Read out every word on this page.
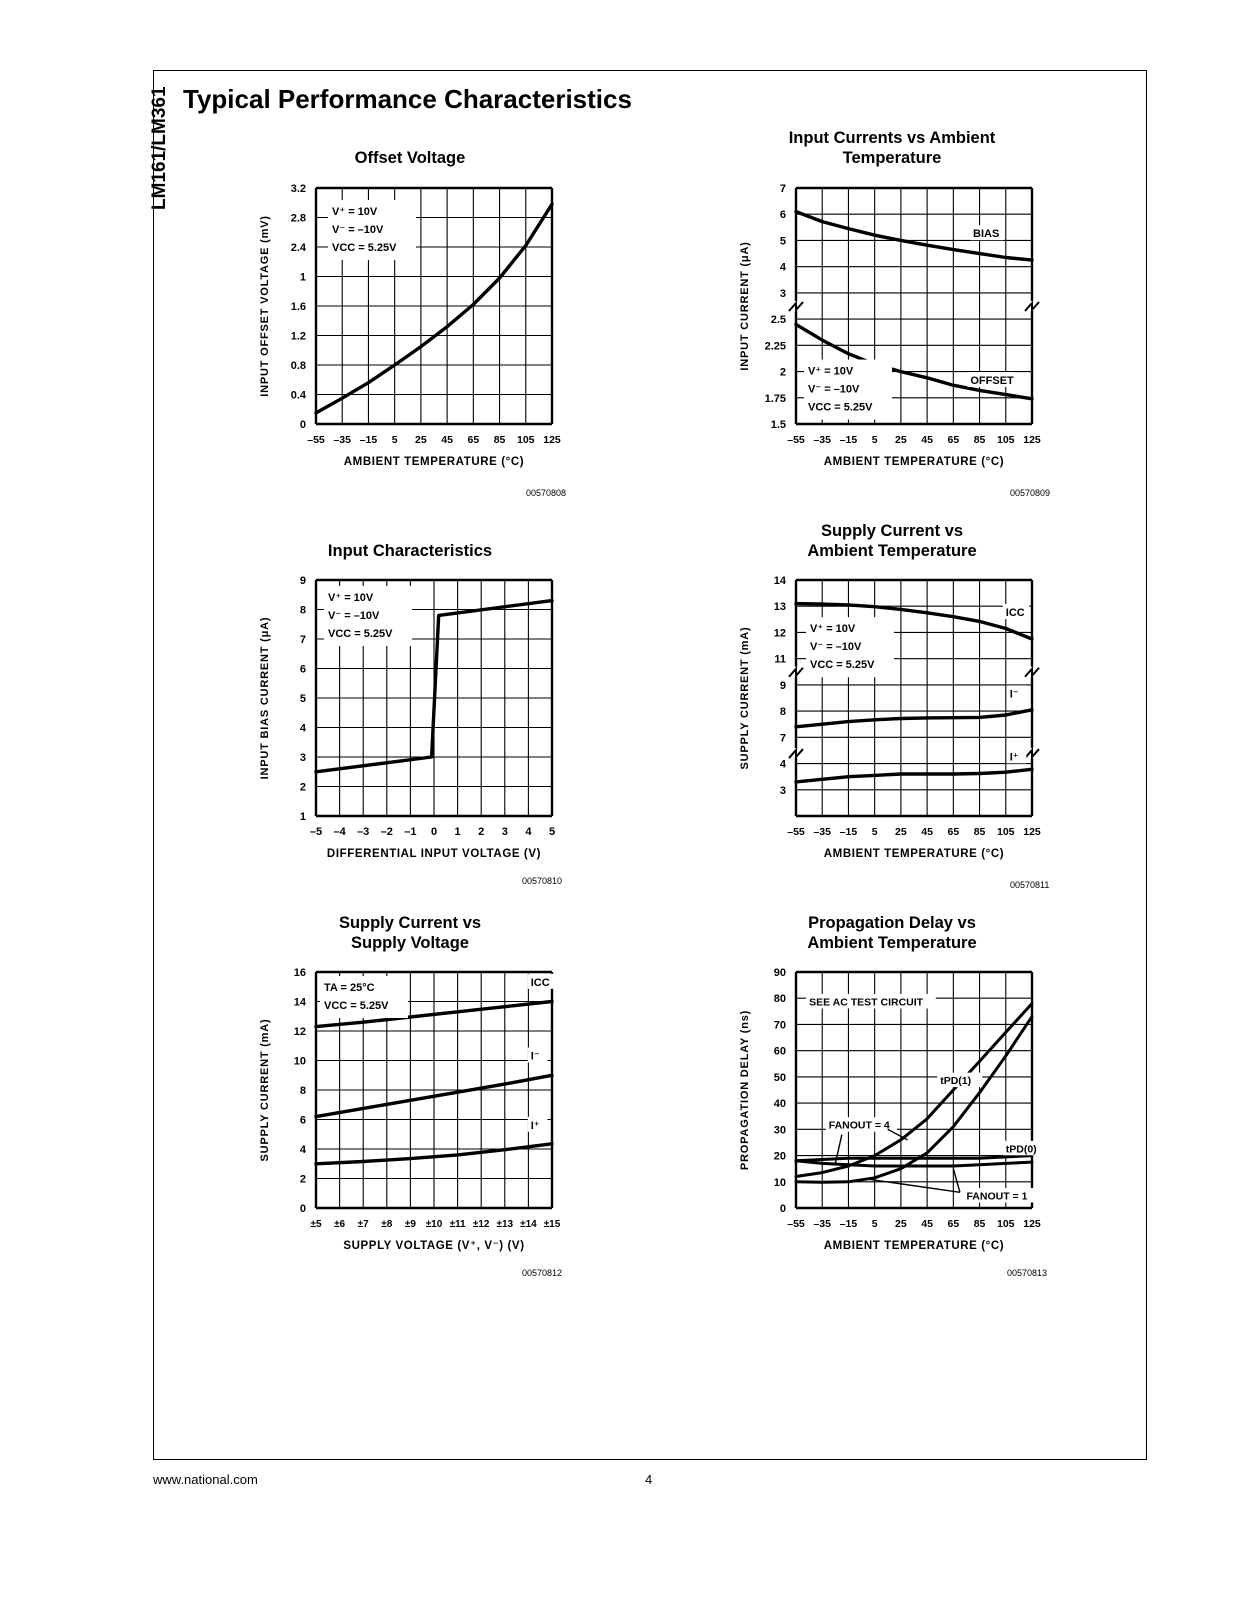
LM161/LM361 Typical Performance Characteristics
Offset Voltage
–55 –35 –15 5 25 45 65 85 105 125
0
0.4
0.8
1.2
1.6
1
2.4
2.8
3.2
AMBIENT TEMPERATURE (°C)
INPUT OFFSET VOLTAGE (mV)
V⁺ = 10V
V⁻ = –10V
VCC = 5.25V
00570808
Input Currents vs Ambient
Temperature
–55 –35 –15 5 25 45 65 85 105 125
AMBIENT TEMPERATURE (°C)
INPUT CURRENT (μA)	3
4
5
6
7
1.5
1.75
2
2.25
2.5
BIAS
OFFSET
V⁺ = 10V
V⁻ = –10V
VCC = 5.25V
00570809
Input Characteristics
–5 –4 –3 –2 –1 0 1 2 3 4 5
1
2
3
4
5
6
7
8
9
DIFFERENTIAL INPUT VOLTAGE (V)
INPUT BIAS CURRENT (μA)
V⁺ = 10V
V⁻ = –10V
VCC = 5.25V
00570810
Supply Current vs
Ambient Temperature
–55 –35 –15 5 25 45 65 85 105 125
AMBIENT TEMPERATURE (°C)
SUPPLY CURRENT (mA)
3
4
7
8
9
11
12
13
14
ICC
I⁻
I⁺
V⁺ = 10V
V⁻ = –10V
VCC = 5.25V
00570811
Supply Current vs
Supply Voltage
±5 ±6 ±7 ±8 ±9 ±10 ±11 ±12 ±13 ±14 ±15
0
2
4
6
8
10
12
14
16
SUPPLY VOLTAGE (V⁺, V⁻) (V)
SUPPLY CURRENT (mA)
ICC
I⁻
I⁺
TA = 25°C
VCC = 5.25V
00570812
Propagation Delay vs
Ambient Temperature
–55 –35 –15 5 25 45 65 85 105 125
0
10
20
30
40
50
60
70
80
90
AMBIENT TEMPERATURE (°C)
PROPAGATION DELAY (ns)
SEE AC TEST CIRCUIT
FANOUT = 4
FANOUT = 1
tPD(1)
tPD(0)
00570813
www.national.com	4
